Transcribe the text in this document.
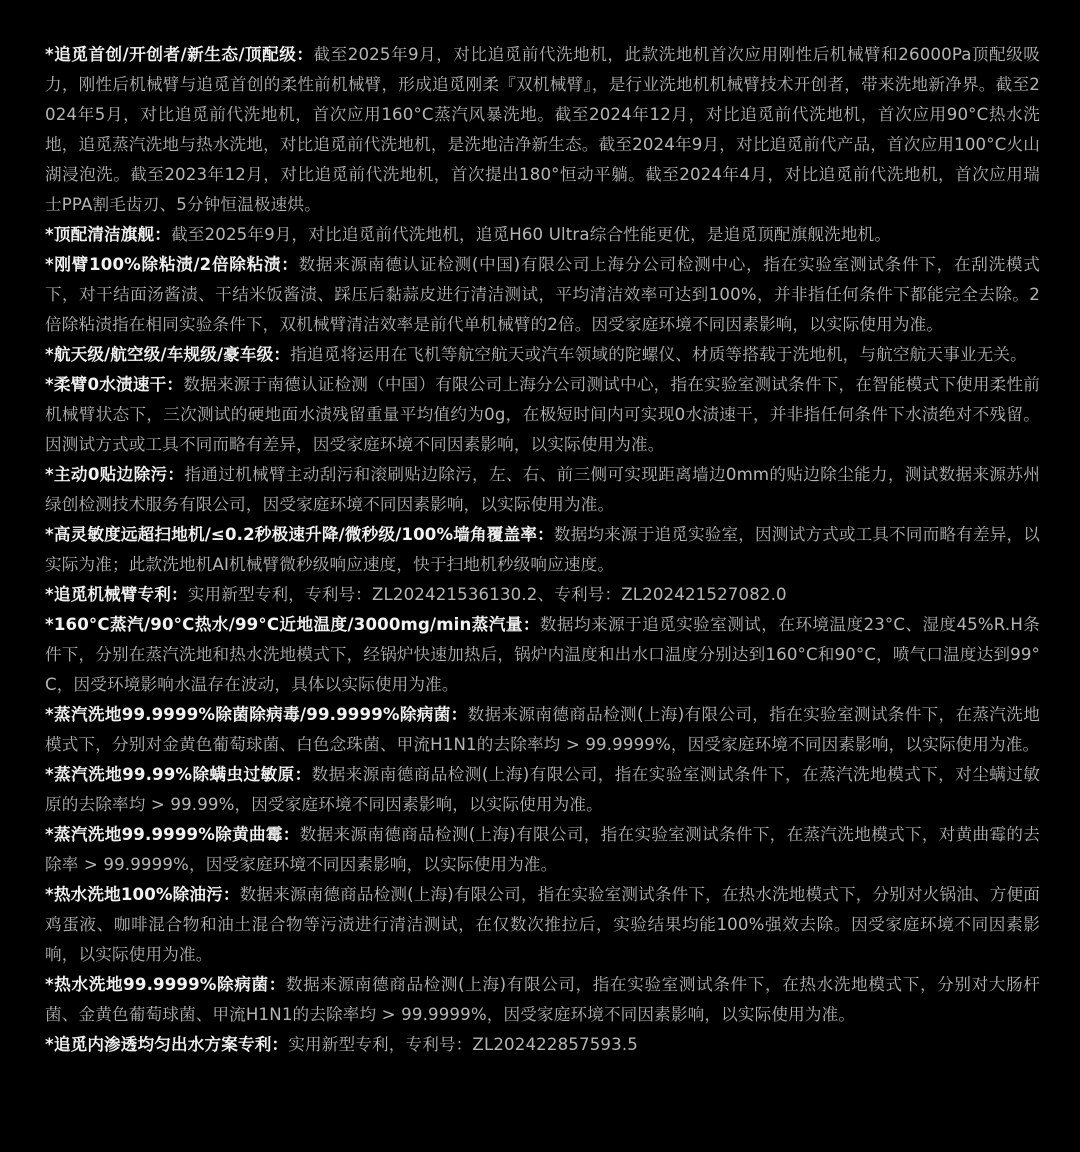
*追觅首创/开创者/新生态/顶配级：截至2025年9月，对比追觅前代洗地机，此款洗地机首次应用刚性后机械臂和26000Pa顶配级吸力，刚性后机械臂与追觅首创的柔性前机械臂，形成追觅刚柔『双机械臂』，是行业洗地机机械臂技术开创者，带来洗地新净界。截至2024年5月，对比追觅前代洗地机，首次应用160°C蒸汽风暴洗地。截至2024年12月，对比追觅前代洗地机，首次应用90°C热水洗地，追觅蒸汽洗地与热水洗地，对比追觅前代洗地机，是洗地洁净新生态。截至2024年9月，对比追觅前代产品，首次应用100°C火山湖浸泡洗。截至2023年12月，对比追觅前代洗地机，首次提出180°恒动平躺。截至2024年4月，对比追觅前代洗地机，首次应用瑞士PPA割毛齿刃、5分钟恒温极速烘。

*顶配清洁旗舰：截至2025年9月，对比追觅前代洗地机，追觅H60 Ultra综合性能更优，是追觅顶配旗舰洗地机。

*刚臂100%除粘渍/2倍除粘渍：数据来源南德认证检测(中国)有限公司上海分公司检测中心，指在实验室测试条件下，在刮洗模式下，对干结面汤酱渍、干结米饭酱渍、踩压后黏蒜皮进行清洁测试，平均清洁效率可达到100%，并非指任何条件下都能完全去除。2倍除粘渍指在相同实验条件下，双机械臂清洁效率是前代单机械臂的2倍。因受家庭环境不同因素影响，以实际使用为准。

*航天级/航空级/车规级/豪车级：指追觅将运用在飞机等航空航天或汽车领域的陀螺仪、材质等搭载于洗地机，与航空航天事业无关。

*柔臂0水渍速干：数据来源于南德认证检测（中国）有限公司上海分公司测试中心，指在实验室测试条件下，在智能模式下使用柔性前机械臂状态下，三次测试的硬地面水渍残留重量平均值约为0g，在极短时间内可实现0水渍速干，并非指任何条件下水渍绝对不残留。因测试方式或工具不同而略有差异，因受家庭环境不同因素影响，以实际使用为准。

*主动0贴边除污：指通过机械臂主动刮污和滚刷贴边除污，左、右、前三侧可实现距离墙边0mm的贴边除尘能力，测试数据来源苏州绿创检测技术服务有限公司，因受家庭环境不同因素影响，以实际使用为准。

*高灵敏度远超扫地机/≤0.2秒极速升降/微秒级/100%墙角覆盖率：数据均来源于追觅实验室，因测试方式或工具不同而略有差异，以实际为准；此款洗地机AI机械臂微秒级响应速度，快于扫地机秒级响应速度。

*追觅机械臂专利：实用新型专利，专利号：ZL202421536130.2、专利号：ZL202421527082.0

*160°C蒸汽/90°C热水/99°C近地温度/3000mg/min蒸汽量：数据均来源于追觅实验室测试，在环境温度23°C、湿度45%R.H条件下，分别在蒸汽洗地和热水洗地模式下，经锅炉快速加热后，锅炉内温度和出水口温度分别达到160°C和90°C，喷气口温度达到99°C，因受环境影响水温存在波动，具体以实际使用为准。

*蒸汽洗地99.9999%除菌除病毒/99.9999%除病菌：数据来源南德商品检测(上海)有限公司，指在实验室测试条件下，在蒸汽洗地模式下，分别对金黄色葡萄球菌、白色念珠菌、甲流H1N1的去除率均 > 99.9999%，因受家庭环境不同因素影响，以实际使用为准。

*蒸汽洗地99.99%除螨虫过敏原：数据来源南德商品检测(上海)有限公司，指在实验室测试条件下，在蒸汽洗地模式下，对尘螨过敏原的去除率均 > 99.99%，因受家庭环境不同因素影响，以实际使用为准。

*蒸汽洗地99.9999%除黄曲霉：数据来源南德商品检测(上海)有限公司，指在实验室测试条件下，在蒸汽洗地模式下，对黄曲霉的去除率 > 99.9999%，因受家庭环境不同因素影响，以实际使用为准。

*热水洗地100%除油污：数据来源南德商品检测(上海)有限公司，指在实验室测试条件下，在热水洗地模式下，分别对火锅油、方便面鸡蛋液、咖啡混合物和油土混合物等污渍进行清洁测试，在仅数次推拉后，实验结果均能100%强效去除。因受家庭环境不同因素影响，以实际使用为准。

*热水洗地99.9999%除病菌：数据来源南德商品检测(上海)有限公司，指在实验室测试条件下，在热水洗地模式下，分别对大肠杆菌、金黄色葡萄球菌、甲流H1N1的去除率均 > 99.9999%，因受家庭环境不同因素影响，以实际使用为准。

*追觅内渗透均匀出水方案专利：实用新型专利，专利号：ZL202422857593.5
